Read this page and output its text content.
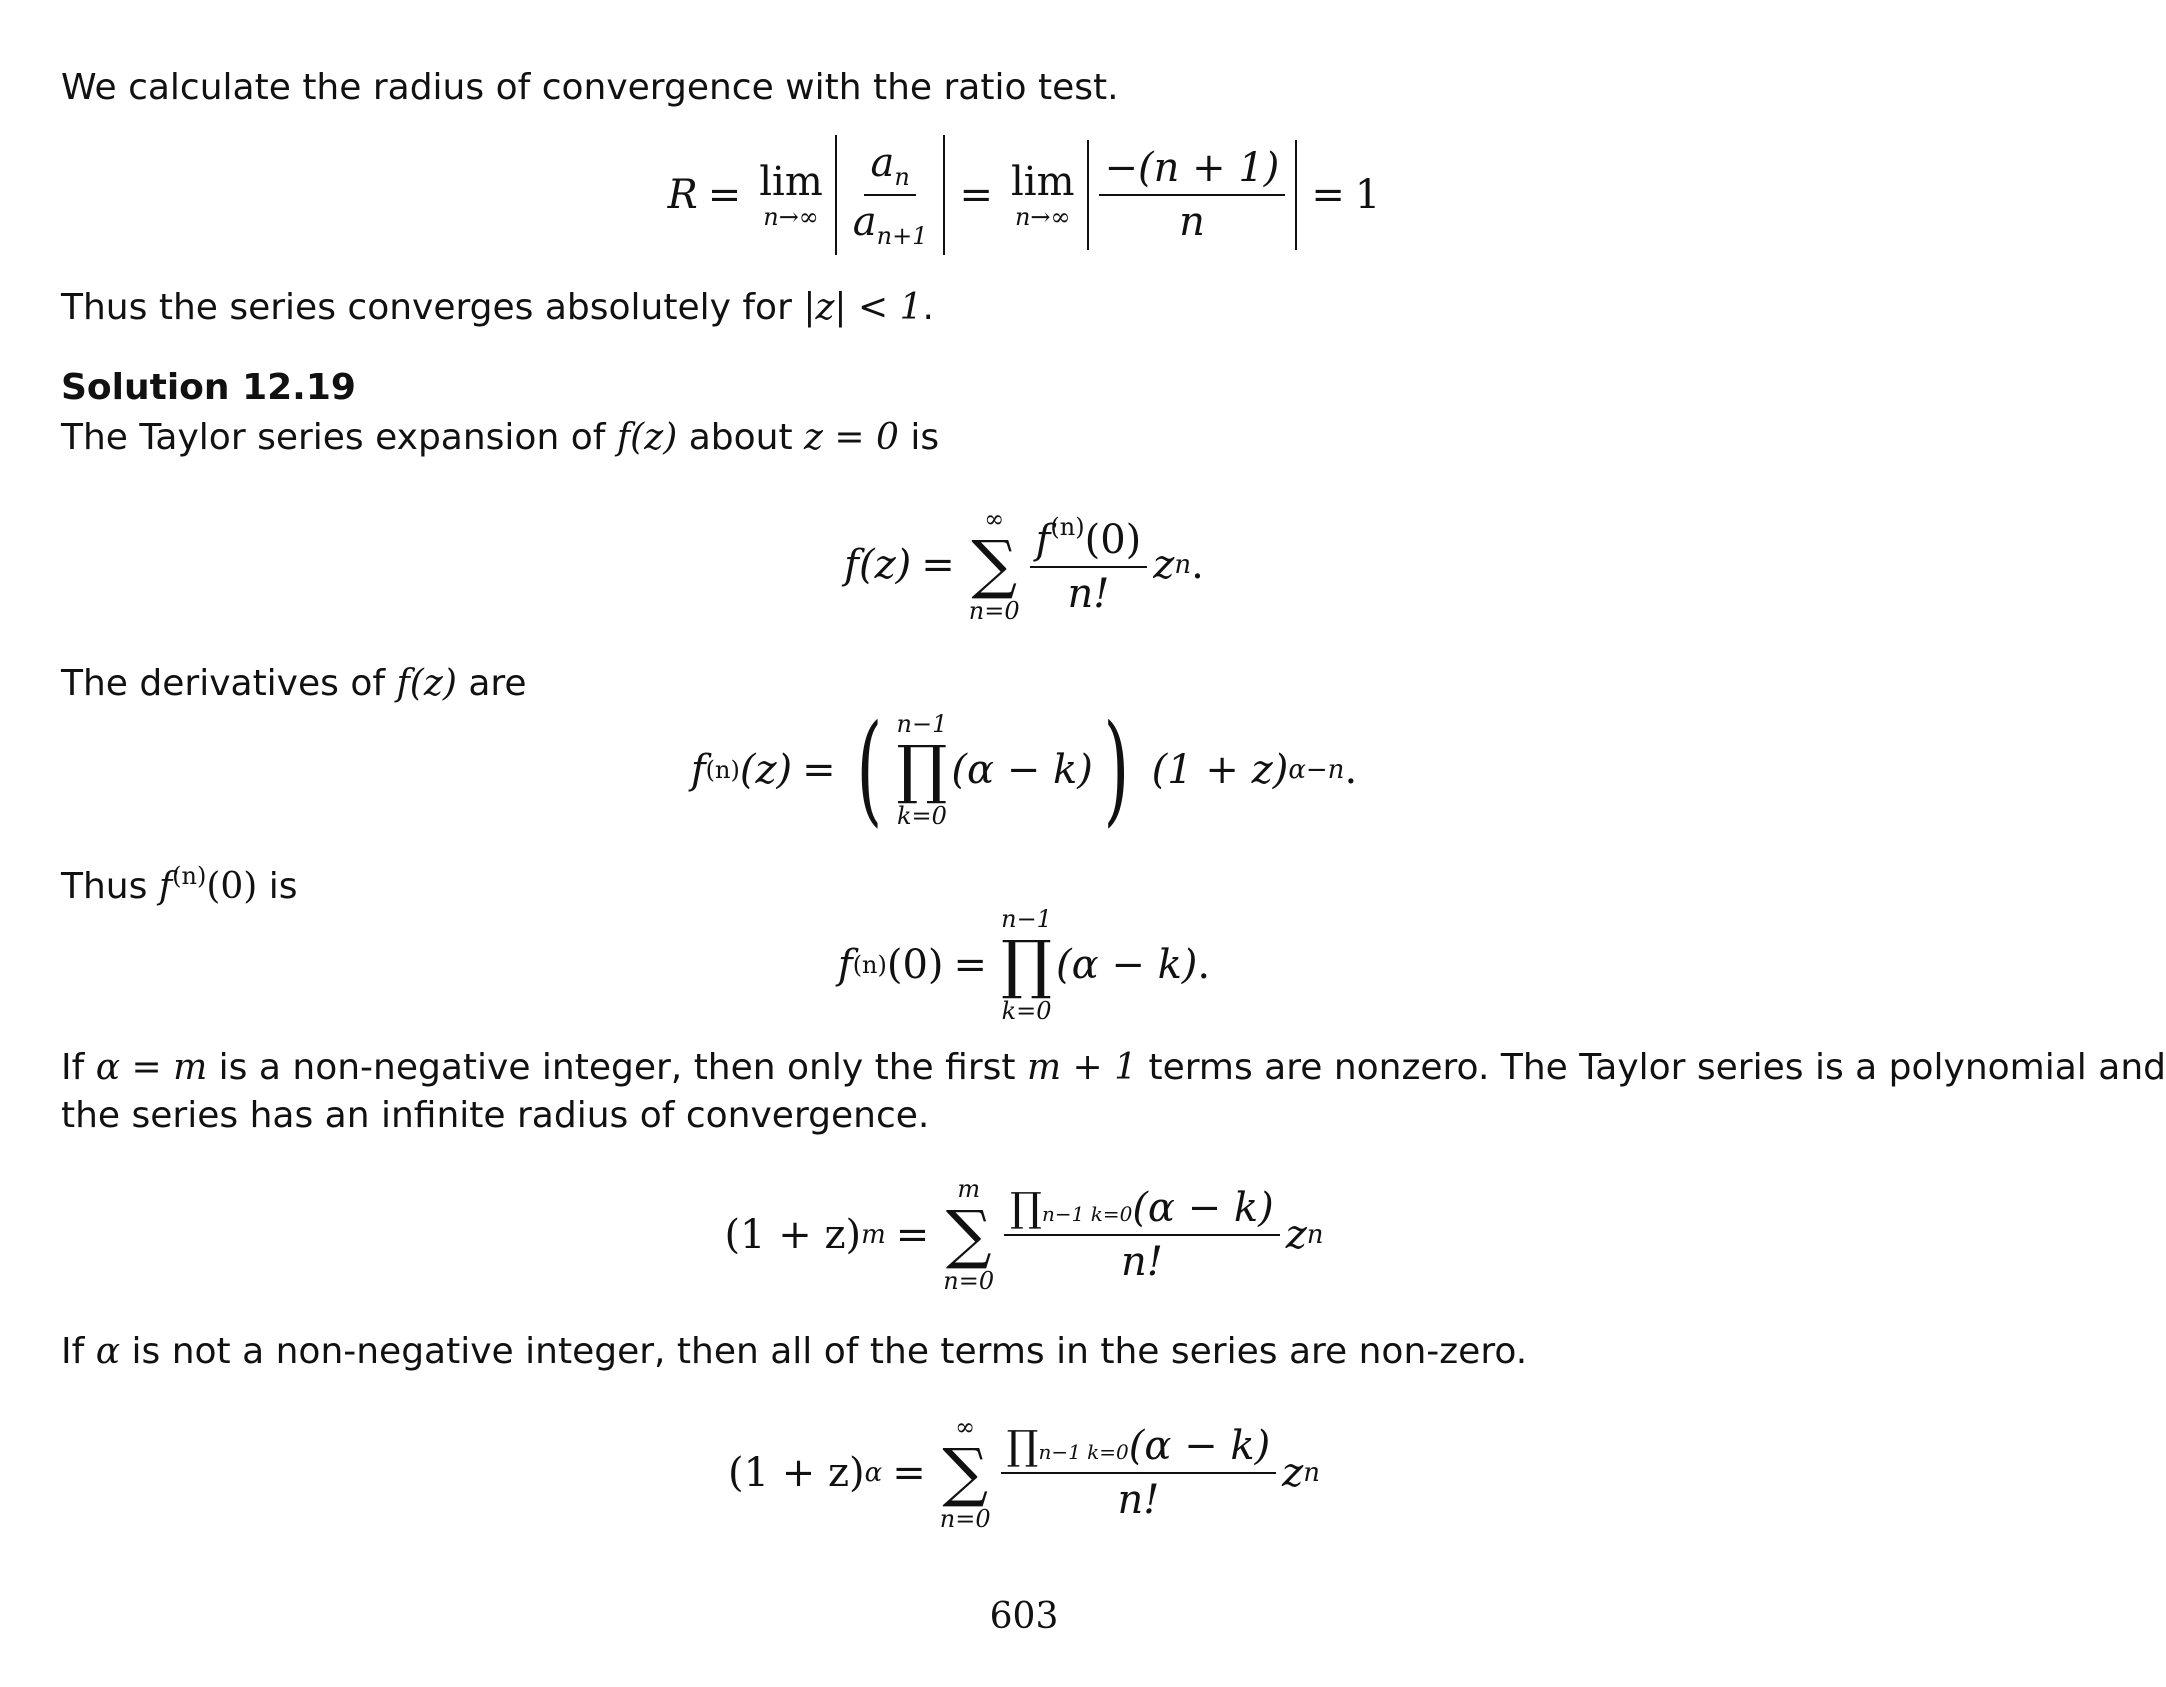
We calculate the radius of convergence with the ratio test.
R = lim
$n\to\infty \frac{a_n}{a_{n+1}} = \lim$
$n\to\infty \frac{-(n + 1)}{n} = 1$
Thus the series converges absolutely for |z| < 1.
Solution 12.19
The Taylor series expansion of f(z) about z = 0 is
f(z) =
∞
∑
$n=0 \frac{f^{(n)}(0)}{n!}$ z n .
The derivatives of f(z) are
f (n) (z) = ( n−1
∏
k=0
(α − k) ) (1 + z) α−n .
Thus $f^{(n)}(0)$ is
f (n) (0) =
n−1
∏
k=0
(α − k) .
If α = m is a non-negative integer, then only the first m + 1 terms are nonzero. The Taylor series is a polynomial and
the series has an infinite radius of convergence.
(1 + z) m =
m
∑
$n=0 \frac{\prod n-1 k=0(\alpha - k)}{n!}$ z n
If α is not a non-negative integer, then all of the terms in the series are non-zero.
(1 + z) α =
∞
∑
$n=0 \frac{\prod n-1 k=0(\alpha - k)}{n!}$ z n
603
